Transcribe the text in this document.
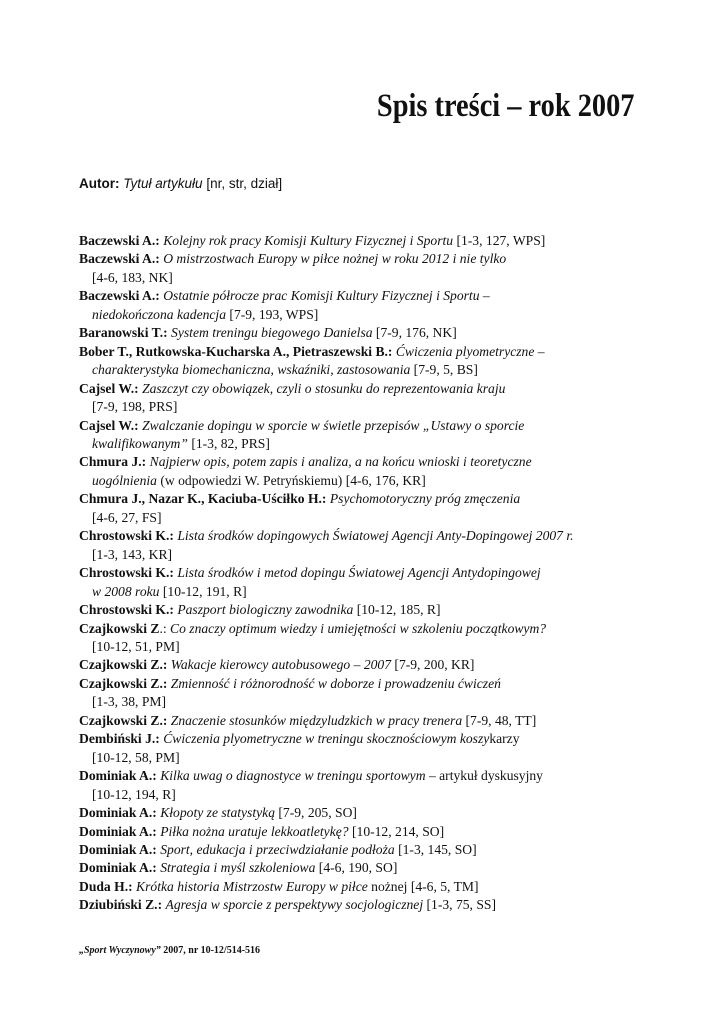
Spis treści – rok 2007
Autor: Tytuł artykułu [nr, str, dział]
Baczewski A.: Kolejny rok pracy Komisji Kultury Fizycznej i Sportu [1-3, 127, WPS]
Baczewski A.: O mistrzostwach Europy w piłce nożnej w roku 2012 i nie tylko
[4-6, 183, NK]
Baczewski A.: Ostatnie półrocze prac Komisji Kultury Fizycznej i Sportu –
niedokończona kadencja [7-9, 193, WPS]
Baranowski T.: System treningu biegowego Danielsa [7-9, 176, NK]
Bober T., Rutkowska-Kucharska A., Pietraszewski B.: Ćwiczenia plyometryczne –
charakterystyka biomechaniczna, wskaźniki, zastosowania [7-9, 5, BS]
Cajsel W.: Zaszczyt czy obowiązek, czyli o stosunku do reprezentowania kraju
[7-9, 198, PRS]
Cajsel W.: Zwalczanie dopingu w sporcie w świetle przepisów „Ustawy o sporcie
kwalifikowanym” [1-3, 82, PRS]
Chmura J.: Najpierw opis, potem zapis i analiza, a na końcu wnioski i teoretyczne
uogólnienia (w odpowiedzi W. Petryńskiemu) [4-6, 176, KR]
Chmura J., Nazar K., Kaciuba-Uściłko H.: Psychomotoryczny próg zmęczenia
[4-6, 27, FS]
Chrostowski K.: Lista środków dopingowych Światowej Agencji Anty-Dopingowej 2007 r.
[1-3, 143, KR]
Chrostowski K.: Lista środków i metod dopingu Światowej Agencji Antydopingowej
w 2008 roku [10-12, 191, R]
Chrostowski K.: Paszport biologiczny zawodnika [10-12, 185, R]
Czajkowski Z.: Co znaczy optimum wiedzy i umiejętności w szkoleniu początkowym?
[10-12, 51, PM]
Czajkowski Z.: Wakacje kierowcy autobusowego – 2007 [7-9, 200, KR]
Czajkowski Z.: Zmienność i różnorodność w doborze i prowadzeniu ćwiczeń
[1-3, 38, PM]
Czajkowski Z.: Znaczenie stosunków międzyludzkich w pracy trenera [7-9, 48, TT]
Dembiński J.: Ćwiczenia plyometryczne w treningu skocznościowym koszykarzy
[10-12, 58, PM]
Dominiak A.: Kilka uwag o diagnostyce w treningu sportowym – artykuł dyskusyjny
[10-12, 194, R]
Dominiak A.: Kłopoty ze statystyką [7-9, 205, SO]
Dominiak A.: Piłka nożna uratuje lekkoatletykę? [10-12, 214, SO]
Dominiak A.: Sport, edukacja i przeciwdziałanie podłoża [1-3, 145, SO]
Dominiak A.: Strategia i myśl szkoleniowa [4-6, 190, SO]
Duda H.: Krótka historia Mistrzostw Europy w piłce nożnej [4-6, 5, TM]
Dziubiński Z.: Agresja w sporcie z perspektywy socjologicznej [1-3, 75, SS]
„Sport Wyczynowy” 2007, nr 10-12/514-516
